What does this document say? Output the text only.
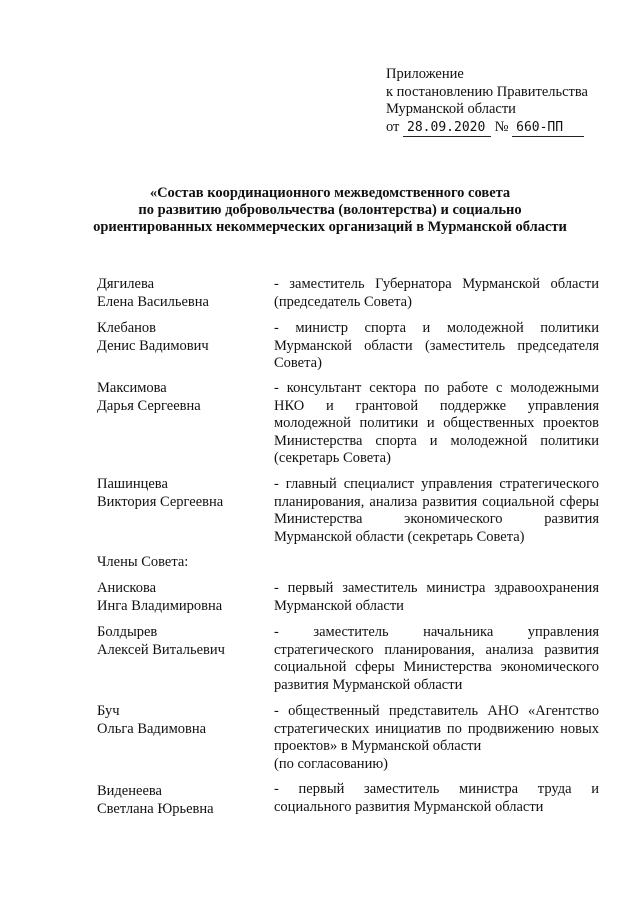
Приложение
к постановлению Правительства
Мурманской области
от 28.09.2020 № 660-ПП
«Состав координационного межведомственного совета
по развитию добровольчества (волонтерства) и социально
ориентированных некоммерческих организаций в Мурманской области
Дягилева
Елена Васильевна
- заместитель Губернатора Мурманской области (председатель Совета)
Клебанов
Денис Вадимович
- министр спорта и молодежной политики Мурманской области (заместитель председателя Совета)
Максимова
Дарья Сергеевна
- консультант сектора по работе с молодежными НКО и грантовой поддержке управления молодежной политики и общественных проектов Министерства спорта и молодежной политики (секретарь Совета)
Пашинцева
Виктория Сергеевна
- главный специалист управления стратегического планирования, анализа развития социальной сферы Министерства экономического развития Мурманской области (секретарь Совета)
Члены Совета:
Анискова
Инга Владимировна
- первый заместитель министра здравоохранения Мурманской области
Болдырев
Алексей Витальевич
- заместитель начальника управления стратегического планирования, анализа развития социальной сферы Министерства экономического развития Мурманской области
Буч
Ольга Вадимовна
- общественный представитель АНО «Агентство стратегических инициатив по продвижению новых проектов» в Мурманской области
(по согласованию)
Виденеева
Светлана Юрьевна
- первый заместитель министра труда и социального развития Мурманской области
